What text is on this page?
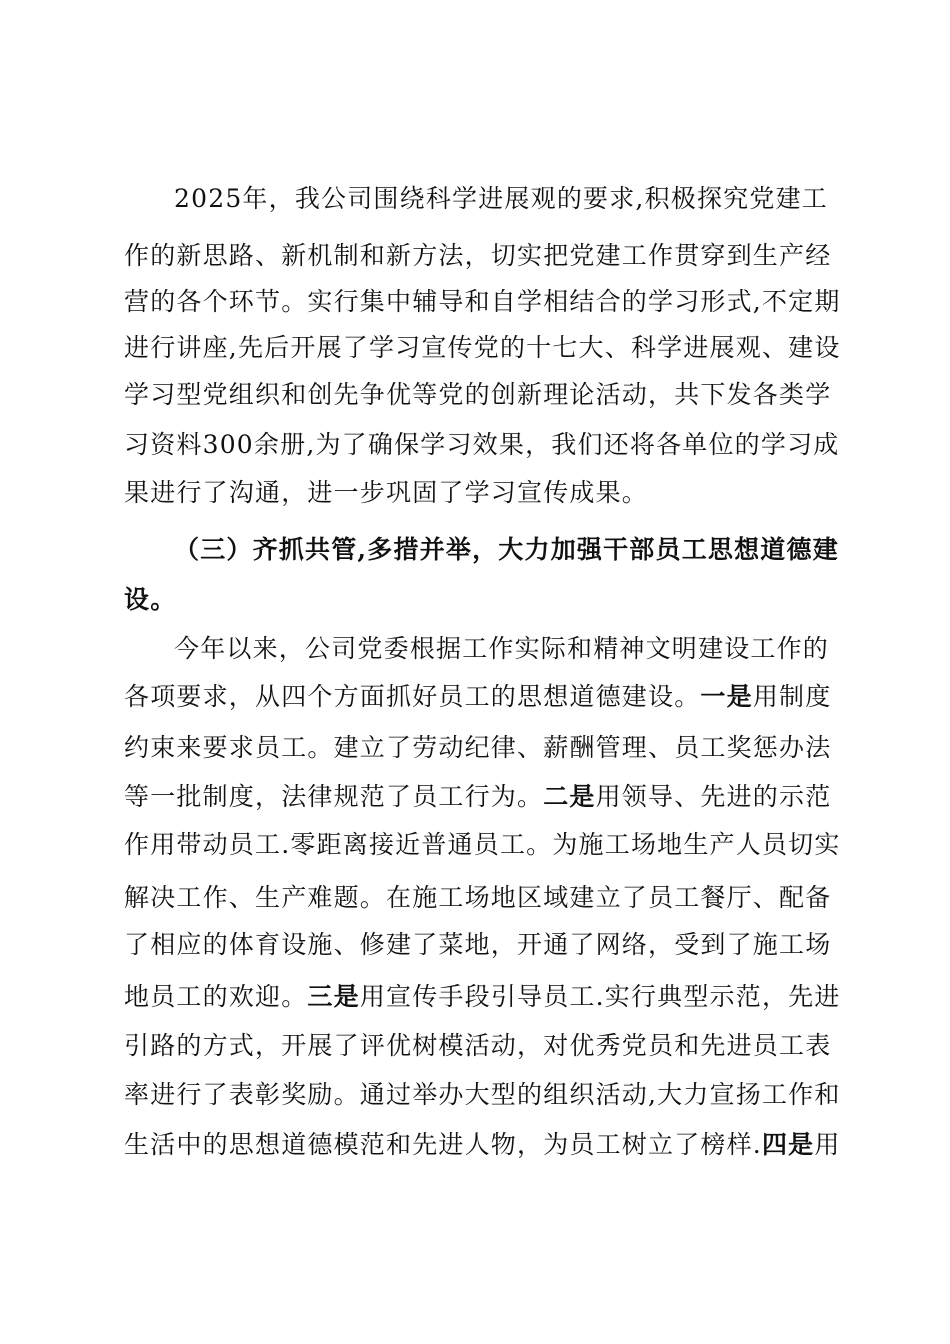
2025年，我公司围绕科学进展观的要求,积极探究党建工
作的新思路、新机制和新方法，切实把党建工作贯穿到生产经
营的各个环节。实行集中辅导和自学相结合的学习形式,不定期
进行讲座,先后开展了学习宣传党的十七大、科学进展观、建设
学习型党组织和创先争优等党的创新理论活动，共下发各类学
习资料300余册,为了确保学习效果，我们还将各单位的学习成
果进行了沟通，进一步巩固了学习宣传成果。
（三）齐抓共管,多措并举，大力加强干部员工思想道德建
设。
今年以来，公司党委根据工作实际和精神文明建设工作的
各项要求，从四个方面抓好员工的思想道德建设。一是用制度
约束来要求员工。建立了劳动纪律、薪酬管理、员工奖惩办法
等一批制度，法律规范了员工行为。二是用领导、先进的示范
作用带动员工.零距离接近普通员工。为施工场地生产人员切实
解决工作、生产难题。在施工场地区域建立了员工餐厅、配备
了相应的体育设施、修建了菜地，开通了网络，受到了施工场
地员工的欢迎。三是用宣传手段引导员工.实行典型示范，先进
引路的方式，开展了评优树模活动，对优秀党员和先进员工表
率进行了表彰奖励。通过举办大型的组织活动,大力宣扬工作和
生活中的思想道德模范和先进人物，为员工树立了榜样.四是用
